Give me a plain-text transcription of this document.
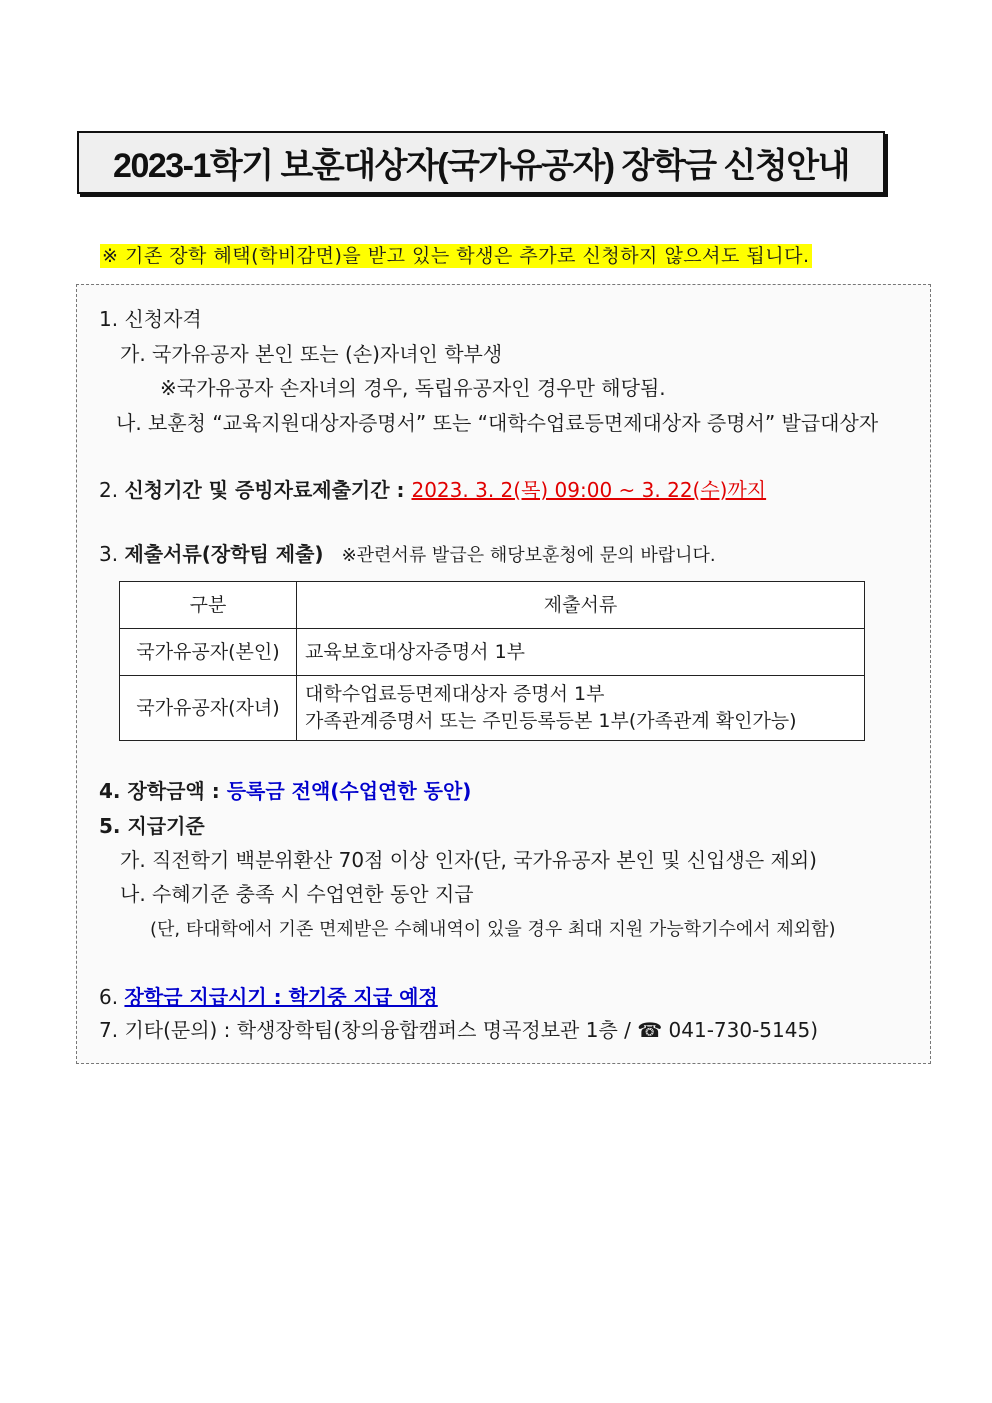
2023-1학기 보훈대상자(국가유공자) 장학금 신청안내
※ 기존 장학 혜택(학비감면)을 받고 있는 학생은 추가로 신청하지 않으셔도 됩니다.
1. 신청자격
가. 국가유공자 본인 또는 (손)자녀인 학부생
※국가유공자 손자녀의 경우, 독립유공자인 경우만 해당됨.
나. 보훈청 “교육지원대상자증명서” 또는 “대학수업료등면제대상자 증명서” 발급대상자
2. 신청기간 및 증빙자료제출기간 : 2023. 3. 2(목) 09:00 ~ 3. 22(수)까지
3. 제출서류(장학팀 제출) ※관련서류 발급은 해당보훈청에 문의 바랍니다.
구분	제출서류
국가유공자(본인)	교육보호대상자증명서 1부
국가유공자(자녀)	대학수업료등면제대상자 증명서 1부
가족관계증명서 또는 주민등록등본 1부(가족관계 확인가능)
4. 장학금액 : 등록금 전액(수업연한 동안)
5. 지급기준
가. 직전학기 백분위환산 70점 이상 인자(단, 국가유공자 본인 및 신입생은 제외)
나. 수혜기준 충족 시 수업연한 동안 지급
(단, 타대학에서 기존 면제받은 수혜내역이 있을 경우 최대 지원 가능학기수에서 제외함)
6. 장학금 지급시기 : 학기중 지급 예정
7. 기타(문의) : 학생장학팀(창의융합캠퍼스 명곡정보관 1층 / ☎ 041-730-5145)
